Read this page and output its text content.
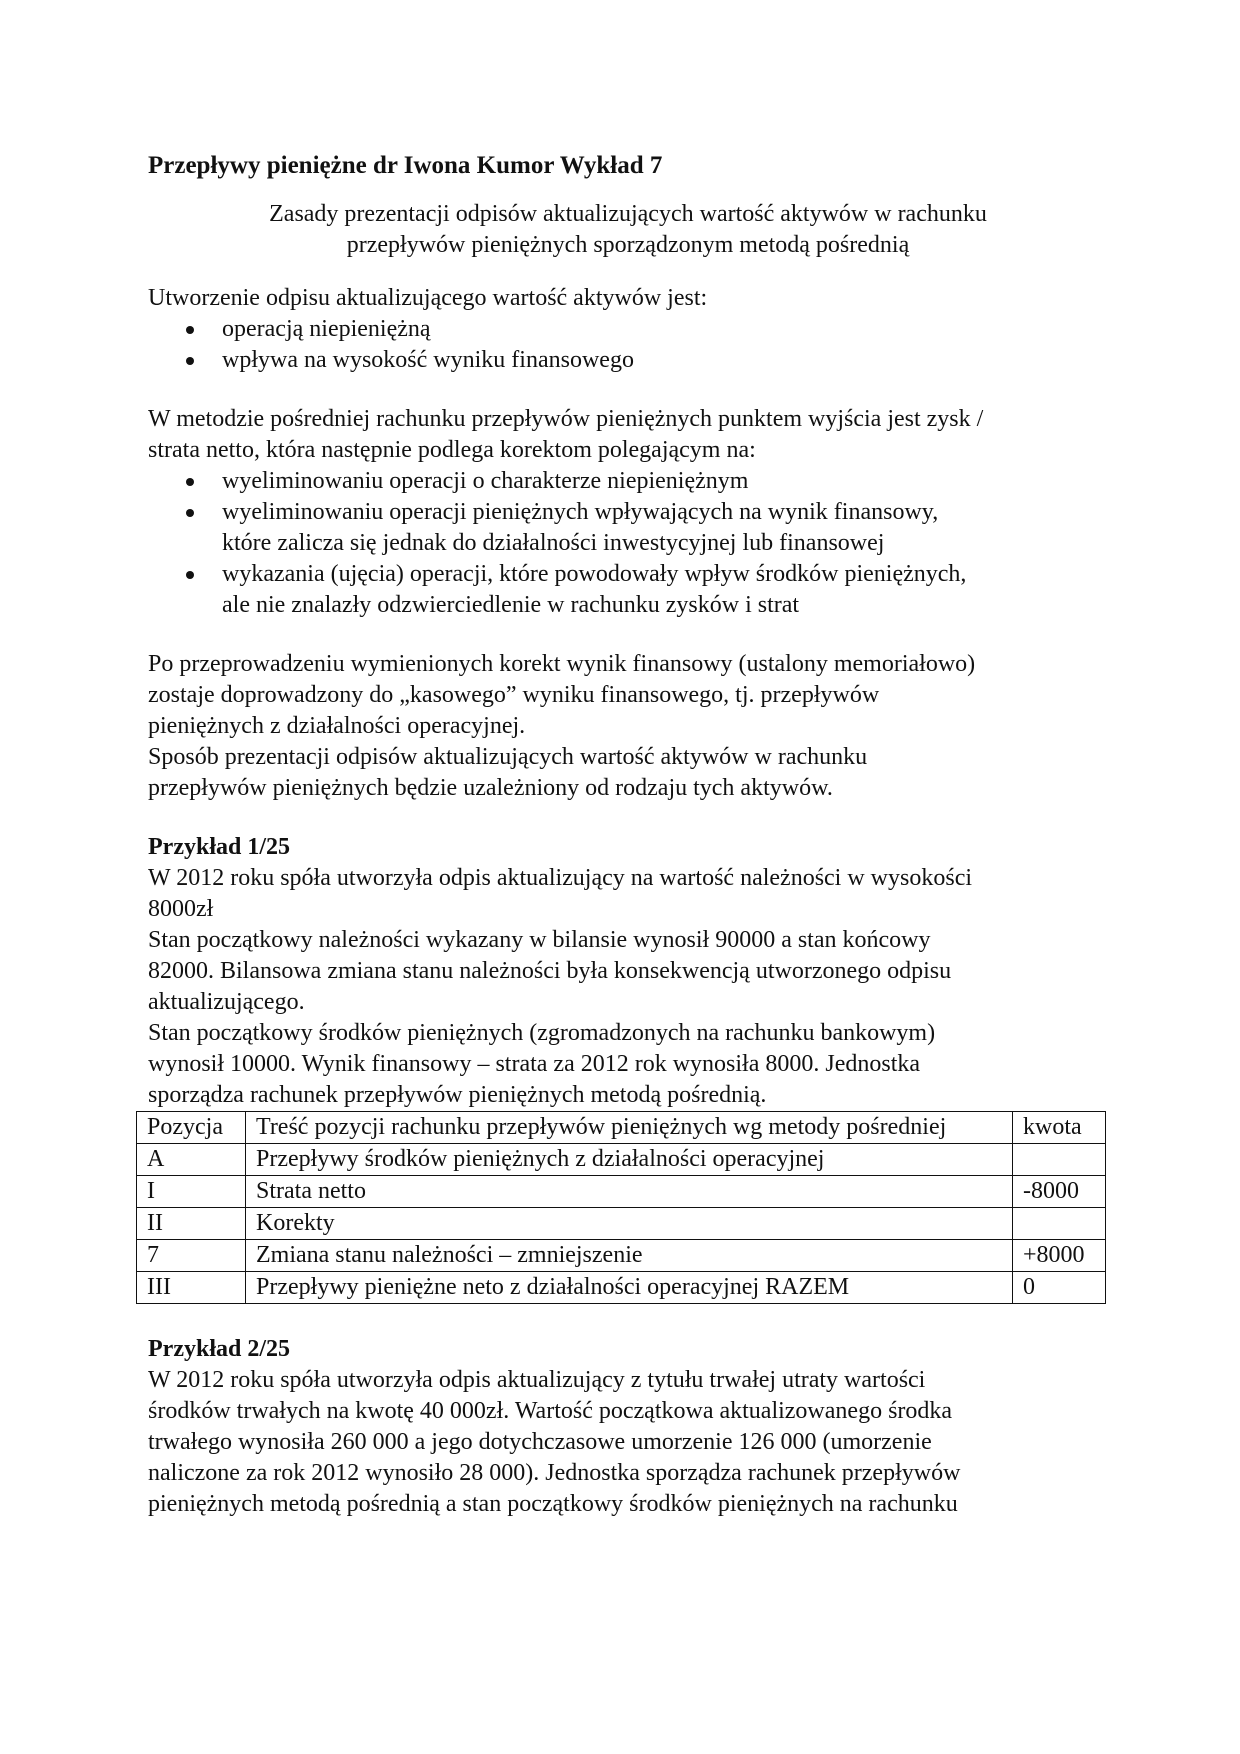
Przepływy pieniężne dr Iwona Kumor Wykład 7

Zasady prezentacji odpisów aktualizujących wartość aktywów w rachunku
przepływów pieniężnych sporządzonym metodą pośrednią

Utworzenie odpisu aktualizującego wartość aktywów jest:

operacją niepieniężną
wpływa na wysokość wyniku finansowego
W metodzie pośredniej rachunku przepływów pieniężnych punktem wyjścia jest zysk /
strata netto, która następnie podlega korektom polegającym na:
wyeliminowaniu operacji o charakterze niepieniężnym
wyeliminowaniu operacji pieniężnych wpływających na wynik finansowy,
które zalicza się jednak do działalności inwestycyjnej lub finansowej
wykazania (ujęcia) operacji, które powodowały wpływ środków pieniężnych,
ale nie znalazły odzwierciedlenie w rachunku zysków i strat
Po przeprowadzeniu wymienionych korekt wynik finansowy (ustalony memoriałowo)
zostaje doprowadzony do „kasowego” wyniku finansowego, tj. przepływów
pieniężnych z działalności operacyjnej.
Sposób prezentacji odpisów aktualizujących wartość aktywów w rachunku
przepływów pieniężnych będzie uzależniony od rodzaju tych aktywów.
Przykład 1/25
W 2012 roku spóła utworzyła odpis aktualizujący na wartość należności w wysokości
8000zł
Stan początkowy należności wykazany w bilansie wynosił 90000 a stan końcowy
82000. Bilansowa zmiana stanu należności była konsekwencją utworzonego odpisu
aktualizującego.
Stan początkowy środków pieniężnych (zgromadzonych na rachunku bankowym)
wynosił 10000. Wynik finansowy – strata za 2012 rok wynosiła 8000. Jednostka
sporządza rachunek przepływów pieniężnych metodą pośrednią.
Pozycja	Treść pozycji rachunku przepływów pieniężnych wg metody pośredniej	kwota
A	Przepływy środków pieniężnych z działalności operacyjnej	
I	Strata netto	-8000
II	Korekty	
7	Zmiana stanu należności – zmniejszenie	+8000
III	Przepływy pieniężne neto z działalności operacyjnej RAZEM	0
Przykład 2/25
W 2012 roku spóła utworzyła odpis aktualizujący z tytułu trwałej utraty wartości
środków trwałych na kwotę 40 000zł. Wartość początkowa aktualizowanego środka
trwałego wynosiła 260 000 a jego dotychczasowe umorzenie 126 000 (umorzenie
naliczone za rok 2012 wynosiło 28 000). Jednostka sporządza rachunek przepływów
pieniężnych metodą pośrednią a stan początkowy środków pieniężnych na rachunku
